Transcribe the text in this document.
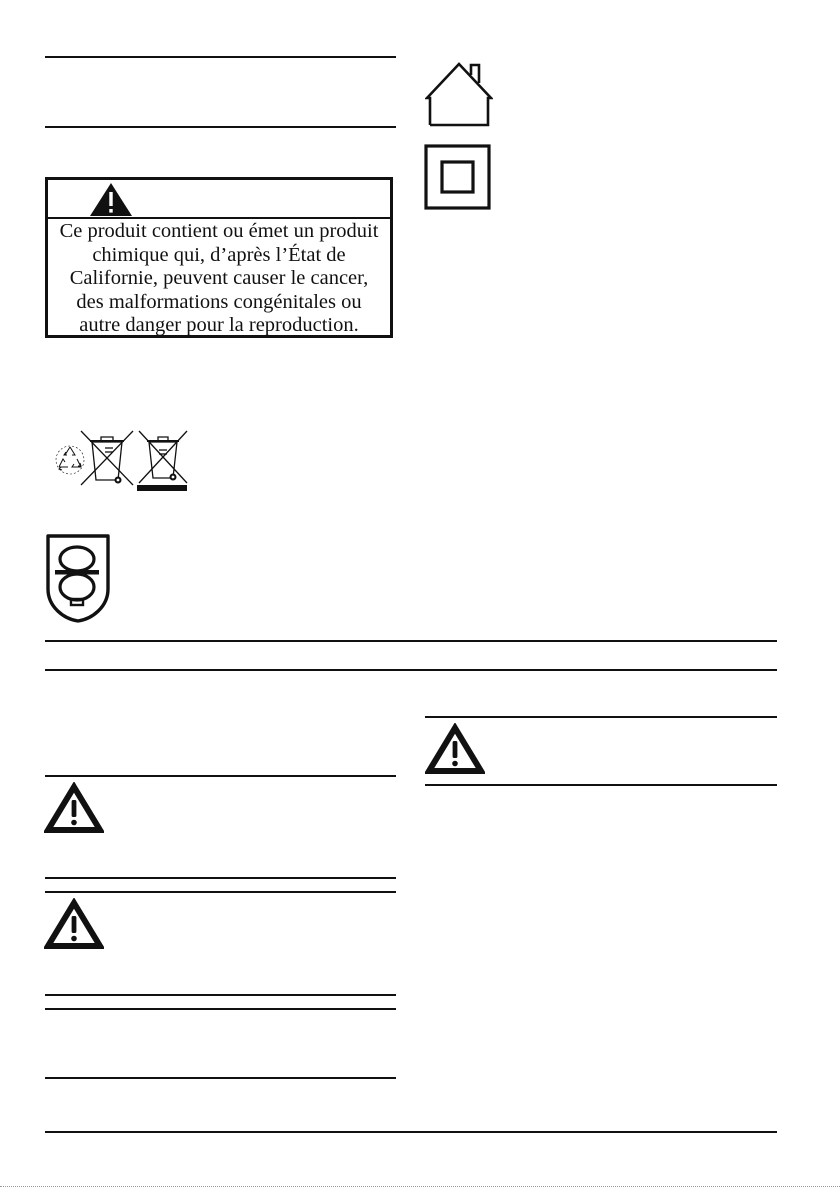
Ce produit contient ou émet un produit
chimique qui, d’après l’État de
Californie, peuvent causer le cancer,
des malformations congénitales ou
autre danger pour la reproduction.
